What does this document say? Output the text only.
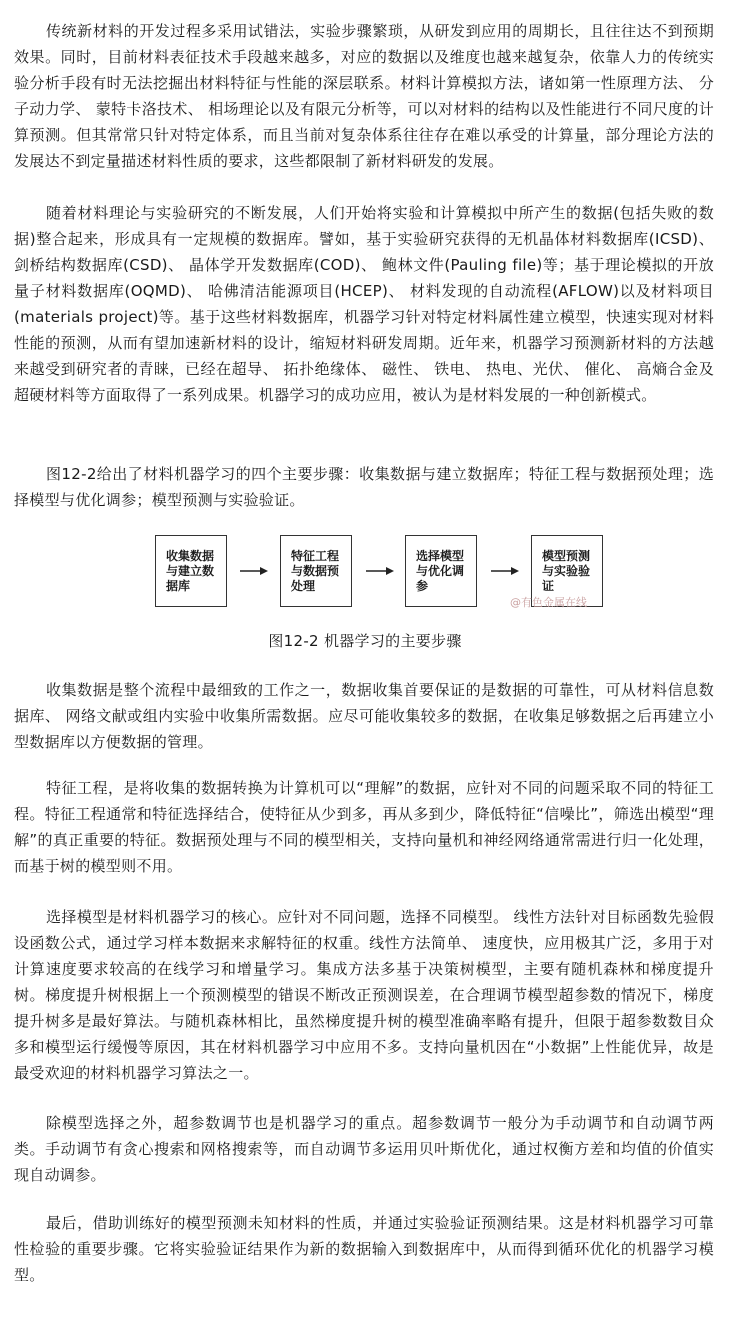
传统新材料的开发过程多采用试错法，实验步骤繁琐，从研发到应用的周期长，且往往达不到预期效果。同时，目前材料表征技术手段越来越多，对应的数据以及维度也越来越复杂，依靠人力的传统实验分析手段有时无法挖掘出材料特征与性能的深层联系。材料计算模拟方法，诸如第一性原理方法、 分子动力学、 蒙特卡洛技术、 相场理论以及有限元分析等，可以对材料的结构以及性能进行不同尺度的计算预测。但其常常只针对特定体系，而且当前对复杂体系往往存在难以承受的计算量，部分理论方法的发展达不到定量描述材料性质的要求，这些都限制了新材料研发的发展。

随着材料理论与实验研究的不断发展，人们开始将实验和计算模拟中所产生的数据(包括失败的数据)整合起来，形成具有一定规模的数据库。譬如，基于实验研究获得的无机晶体材料数据库(ICSD)、 剑桥结构数据库(CSD)、 晶体学开发数据库(COD)、 鲍林文件(Pauling file)等；基于理论模拟的开放量子材料数据库(OQMD)、 哈佛清洁能源项目(HCEP)、 材料发现的自动流程(AFLOW)以及材料项目(materials project)等。基于这些材料数据库，机器学习针对特定材料属性建立模型，快速实现对材料性能的预测，从而有望加速新材料的设计，缩短材料研发周期。近年来，机器学习预测新材料的方法越来越受到研究者的青睐，已经在超导、 拓扑绝缘体、 磁性、 铁电、 热电、光伏、 催化、 高熵合金及超硬材料等方面取得了一系列成果。机器学习的成功应用，被认为是材料发展的一种创新模式。

图12-2给出了材料机器学习的四个主要步骤：收集数据与建立数据库；特征工程与数据预处理；选择模型与优化调参；模型预测与实验验证。

收集数据与建立数据库
特征工程与数据预处理
选择模型与优化调参
模型预测与实验验证
@有色金属在线
图12-2 机器学习的主要步骤

收集数据是整个流程中最细致的工作之一，数据收集首要保证的是数据的可靠性，可从材料信息数据库、 网络文献或组内实验中收集所需数据。应尽可能收集较多的数据，在收集足够数据之后再建立小型数据库以方便数据的管理。

特征工程，是将收集的数据转换为计算机可以“理解”的数据，应针对不同的问题采取不同的特征工程。特征工程通常和特征选择结合，使特征从少到多，再从多到少，降低特征“信噪比”，筛选出模型“理解”的真正重要的特征。数据预处理与不同的模型相关，支持向量机和神经网络通常需进行归一化处理，而基于树的模型则不用。

选择模型是材料机器学习的核心。应针对不同问题，选择不同模型。 线性方法针对目标函数先验假设函数公式，通过学习样本数据来求解特征的权重。线性方法简单、 速度快，应用极其广泛，多用于对计算速度要求较高的在线学习和增量学习。集成方法多基于决策树模型，主要有随机森林和梯度提升树。梯度提升树根据上一个预测模型的错误不断改正预测误差，在合理调节模型超参数的情况下，梯度提升树多是最好算法。与随机森林相比，虽然梯度提升树的模型准确率略有提升，但限于超参数数目众多和模型运行缓慢等原因，其在材料机器学习中应用不多。支持向量机因在“小数据”上性能优异，故是最受欢迎的材料机器学习算法之一。

除模型选择之外，超参数调节也是机器学习的重点。超参数调节一般分为手动调节和自动调节两类。手动调节有贪心搜索和网格搜索等，而自动调节多运用贝叶斯优化，通过权衡方差和均值的价值实现自动调参。

最后，借助训练好的模型预测未知材料的性质，并通过实验验证预测结果。这是材料机器学习可靠性检验的重要步骤。它将实验验证结果作为新的数据输入到数据库中，从而得到循环优化的机器学习模型。
